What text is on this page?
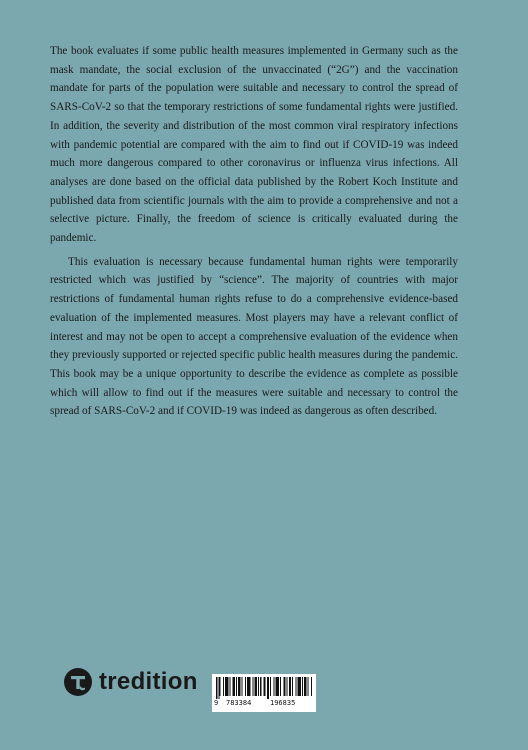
The book evaluates if some public health measures implemented in Germany such as the mask mandate, the social exclusion of the unvaccinated (“2G”) and the vaccination mandate for parts of the population were suitable and necessary to control the spread of SARS-CoV-2 so that the temporary restrictions of some fundamental rights were justified. In addition, the severity and distribution of the most common viral respiratory infections with pandemic potential are compared with the aim to find out if COVID-19 was indeed much more dangerous compared to other coronavirus or influenza virus infections. All analyses are done based on the official data published by the Robert Koch Institute and published data from scientific journals with the aim to provide a comprehensive and not a selective picture. Finally, the freedom of science is critically evaluated during the pandemic.

This evaluation is necessary because fundamental human rights were temporarily restricted which was justified by “science”. The majority of countries with major restrictions of fundamental human rights refuse to do a comprehensive evidence-based evaluation of the implemented measures. Most players may have a relevant conflict of interest and may not be open to accept a comprehensive evaluation of the evidence when they previously supported or rejected specific public health measures during the pandemic. This book may be a unique opportunity to describe the evidence as complete as possible which will allow to find out if the measures were suitable and necessary to control the spread of SARS-CoV-2 and if COVID-19 was indeed as dangerous as often described.

tredition
9 783384	196835
